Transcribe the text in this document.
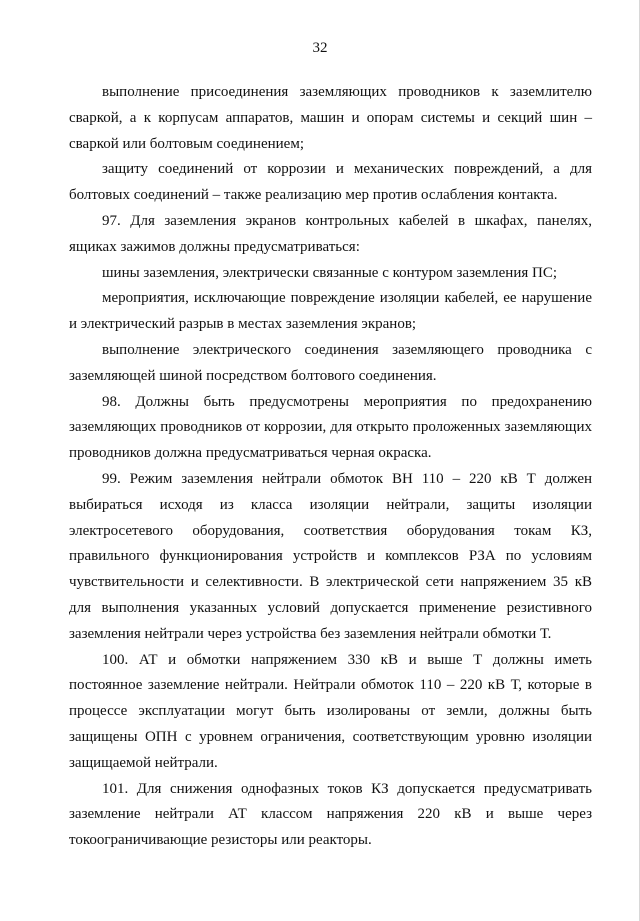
32

выполнение присоединения заземляющих проводников к заземлителю сваркой, а к корпусам аппаратов, машин и опорам системы и секций шин – сваркой или болтовым соединением;

защиту соединений от коррозии и механических повреждений, а для болтовых соединений – также реализацию мер против ослабления контакта.

97. Для заземления экранов контрольных кабелей в шкафах, панелях, ящиках зажимов должны предусматриваться:

шины заземления, электрически связанные с контуром заземления ПС;

мероприятия, исключающие повреждение изоляции кабелей, ее нарушение и электрический разрыв в местах заземления экранов;

выполнение электрического соединения заземляющего проводника с
заземляющей шиной посредством болтового соединения.

98. Должны быть предусмотрены мероприятия по предохранению
заземляющих проводников от коррозии, для открыто проложенных заземляющих проводников должна предусматриваться черная окраска.

99. Режим заземления нейтрали обмоток ВН 110 – 220 кВ Т должен выбираться исходя из класса изоляции нейтрали, защиты изоляции электросетевого оборудования, соответствия оборудования токам КЗ, правильного функционирования устройств и комплексов РЗА по условиям чувствительности и селективности. В электрической сети напряжением 35 кВ для выполнения указанных условий допускается применение резистивного заземления нейтрали через устройства без заземления нейтрали обмотки Т.

100. АТ и обмотки напряжением 330 кВ и выше Т должны иметь постоянное заземление нейтрали. Нейтрали обмоток 110 – 220 кВ Т, которые в процессе эксплуатации могут быть изолированы от земли, должны быть защищены ОПН с уровнем ограничения, соответствующим уровню изоляции защищаемой нейтрали.

101. Для снижения однофазных токов КЗ допускается предусматривать
заземление нейтрали АТ классом напряжения 220 кВ и выше через
токоограничивающие резисторы или реакторы.
